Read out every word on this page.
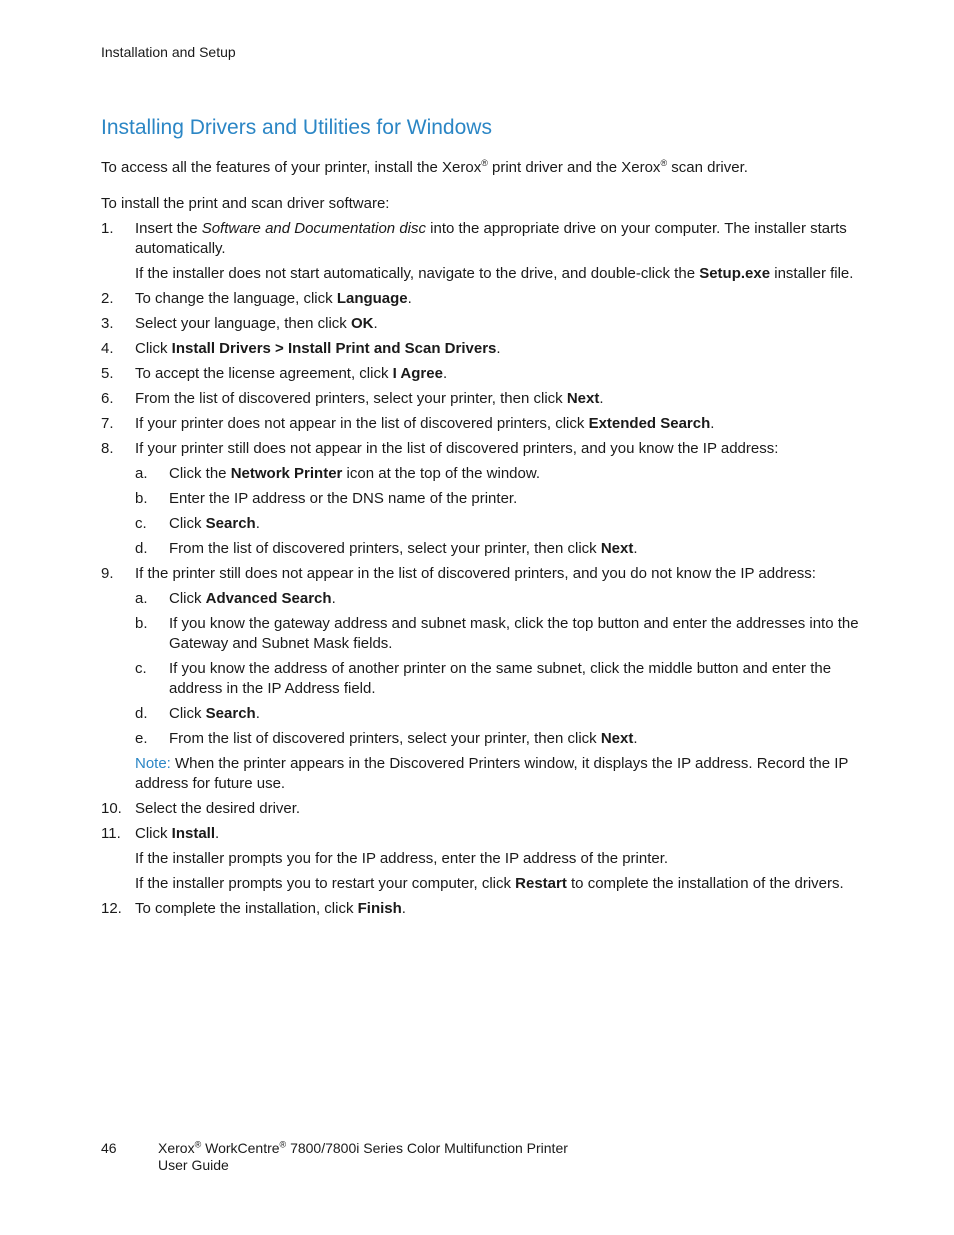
Installation and Setup
Installing Drivers and Utilities for Windows

To access all the features of your printer, install the Xerox® print driver and the Xerox® scan driver.

To install the print and scan driver software:

1. Insert the Software and Documentation disc into the appropriate drive on your computer. The installer starts automatically.

If the installer does not start automatically, navigate to the drive, and double-click the Setup.exe installer file.

2. To change the language, click Language.

3. Select your language, then click OK.

4. Click Install Drivers > Install Print and Scan Drivers.

5. To accept the license agreement, click I Agree.

6. From the list of discovered printers, select your printer, then click Next.

7. If your printer does not appear in the list of discovered printers, click Extended Search.

8. If your printer still does not appear in the list of discovered printers, and you know the IP address:

a. Click the Network Printer icon at the top of the window.

b. Enter the IP address or the DNS name of the printer.

c. Click Search.

d. From the list of discovered printers, select your printer, then click Next.

9. If the printer still does not appear in the list of discovered printers, and you do not know the IP address:

a. Click Advanced Search.

b. If you know the gateway address and subnet mask, click the top button and enter the addresses into the Gateway and Subnet Mask fields.

c. If you know the address of another printer on the same subnet, click the middle button and enter the address in the IP Address field.

d. Click Search.

e. From the list of discovered printers, select your printer, then click Next.

Note: When the printer appears in the Discovered Printers window, it displays the IP address. Record the IP address for future use.

10. Select the desired driver.

11. Click Install.

If the installer prompts you for the IP address, enter the IP address of the printer.

If the installer prompts you to restart your computer, click Restart to complete the installation of the drivers.

12. To complete the installation, click Finish.

46	Xerox® WorkCentre® 7800/7800i Series Color Multifunction Printer
User Guide
